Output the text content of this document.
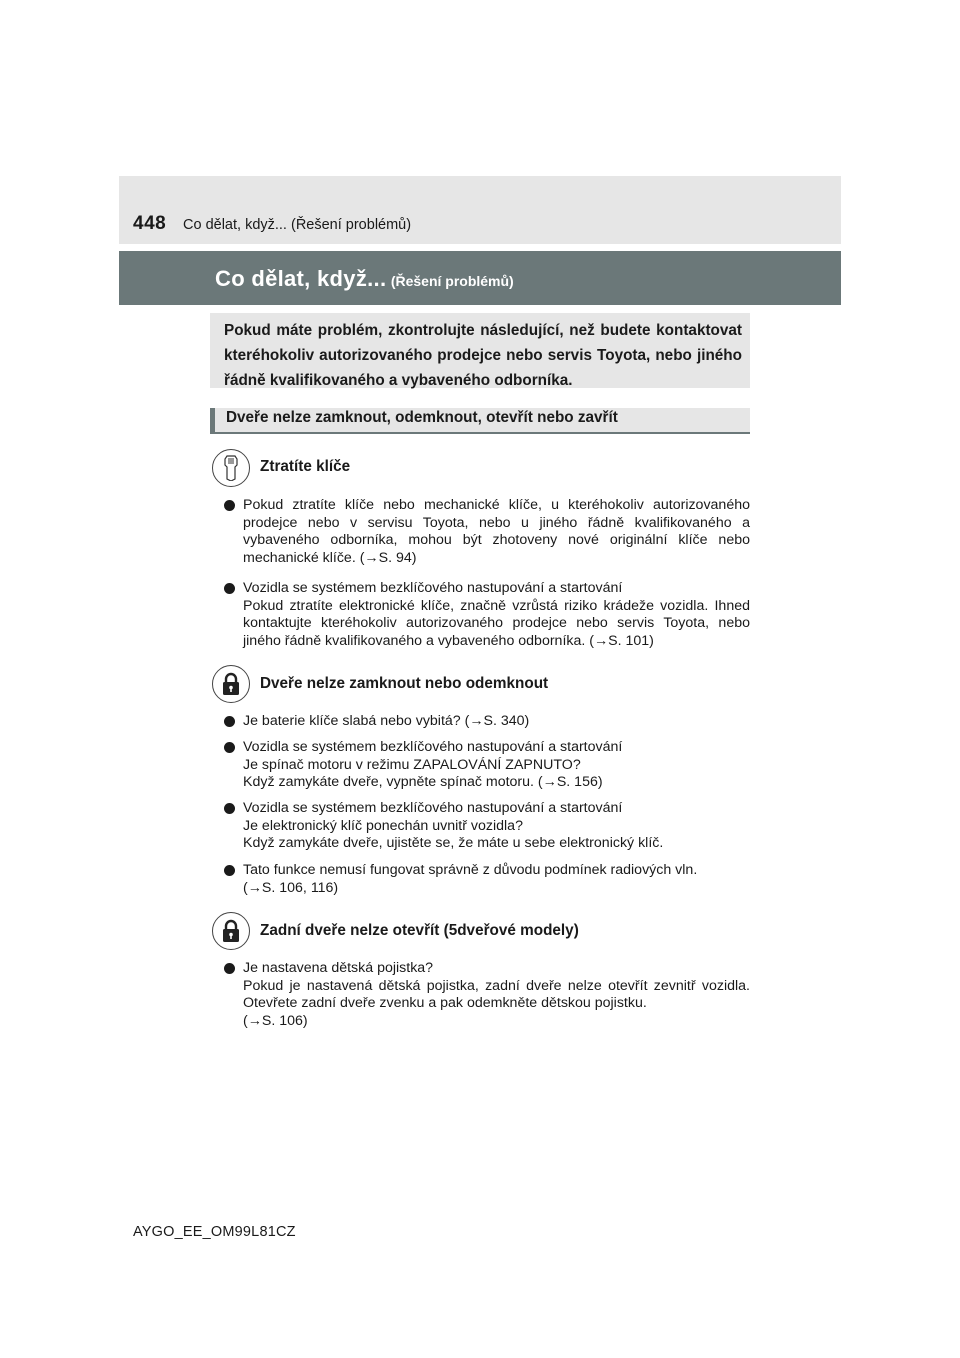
448 Co dělat, když... (Řešení problémů)
Co dělat, když... (Řešení problémů)
Pokud máte problém, zkontrolujte následující, než budete kontaktovat kteréhokoliv autorizovaného prodejce nebo servis Toyota, nebo jiného řádně kvalifikovaného a vybaveného odborníka.
Dveře nelze zamknout, odemknout, otevřít nebo zavřít
Ztratíte klíče
Pokud ztratíte klíče nebo mechanické klíče, u kteréhokoliv autorizovaného prodejce nebo v servisu Toyota, nebo u jiného řádně kvalifikovaného a vybaveného odborníka, mohou být zhotoveny nové originální klíče nebo mechanické klíče. (→S. 94)
Vozidla se systémem bezklíčového nastupování a startování
Pokud ztratíte elektronické klíče, značně vzrůstá riziko krádeže vozidla. Ihned kontaktujte kteréhokoliv autorizovaného prodejce nebo servis Toyota, nebo jiného řádně kvalifikovaného a vybaveného odborníka. (→S. 101)
Dveře nelze zamknout nebo odemknout
Je baterie klíče slabá nebo vybitá? (→S. 340)
Vozidla se systémem bezklíčového nastupování a startování
Je spínač motoru v režimu ZAPALOVÁNÍ ZAPNUTO?
Když zamykáte dveře, vypněte spínač motoru. (→S. 156)
Vozidla se systémem bezklíčového nastupování a startování
Je elektronický klíč ponechán uvnitř vozidla?
Když zamykáte dveře, ujistěte se, že máte u sebe elektronický klíč.
Tato funkce nemusí fungovat správně z důvodu podmínek radiových vln.
(→S. 106, 116)
Zadní dveře nelze otevřít (5dveřové modely)
Je nastavena dětská pojistka?
Pokud je nastavená dětská pojistka, zadní dveře nelze otevřít zevnitř vozidla. Otevřete zadní dveře zvenku a pak odemkněte dětskou pojistku.
(→S. 106)
AYGO_EE_OM99L81CZ
